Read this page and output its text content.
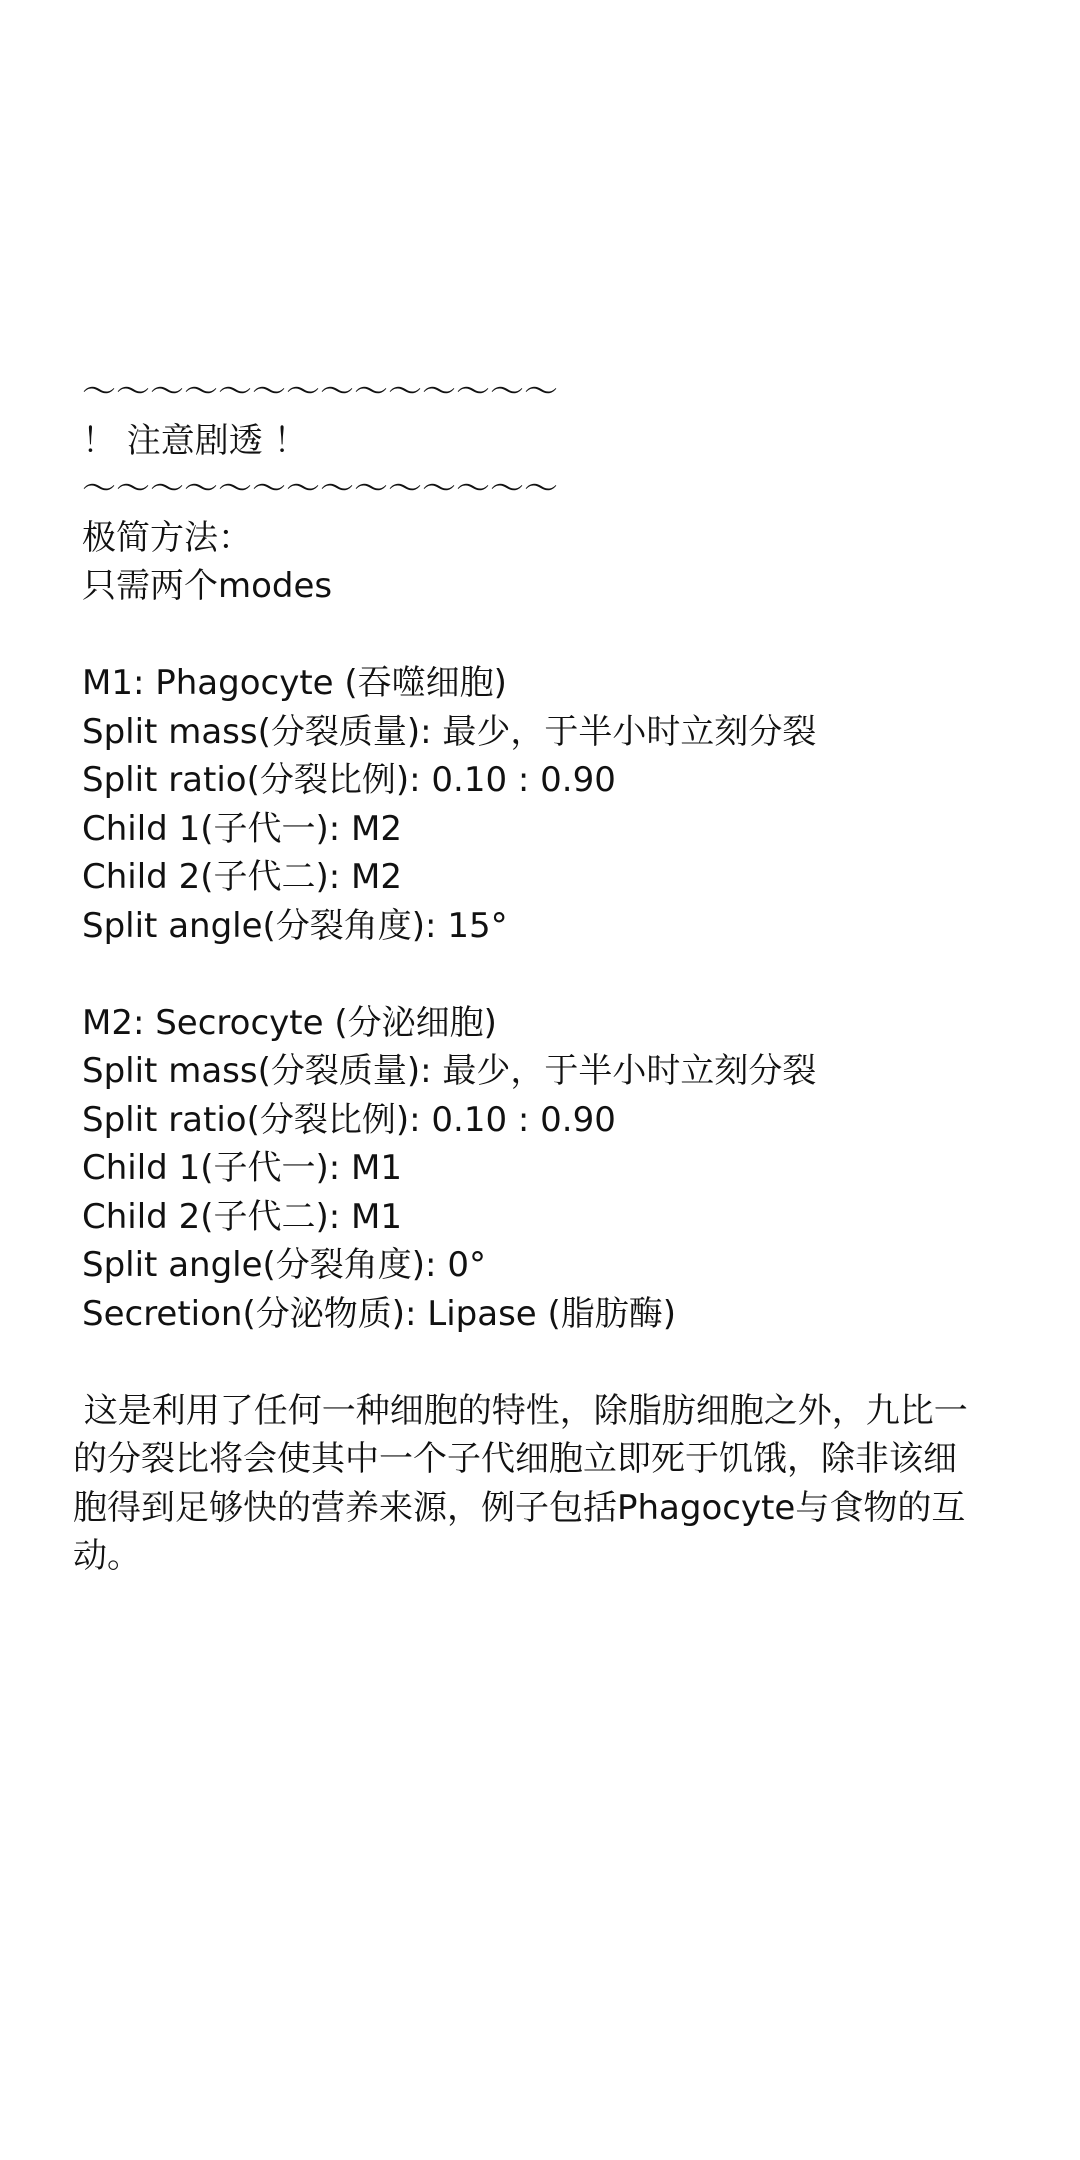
〜〜〜〜〜〜〜〜〜〜〜〜〜〜
！ 注意剧透 ！
〜〜〜〜〜〜〜〜〜〜〜〜〜〜
极简方法：
只需两个modes
M1: Phagocyte (吞噬细胞)
Split mass(分裂质量): 最少，于半小时立刻分裂
Split ratio(分裂比例): 0.10 : 0.90
Child 1(子代一): M2
Child 2(子代二): M2
Split angle(分裂角度): 15°
M2: Secrocyte (分泌细胞)
Split mass(分裂质量): 最少，于半小时立刻分裂
Split ratio(分裂比例): 0.10 : 0.90
Child 1(子代一): M1
Child 2(子代二): M1
Split angle(分裂角度): 0°
Secretion(分泌物质): Lipase (脂肪酶)
这是利用了任何一种细胞的特性，除脂肪细胞之外，九比一
的分裂比将会使其中一个子代细胞立即死于饥饿，除非该细
胞得到足够快的营养来源，例子包括Phagocyte与食物的互
动。
